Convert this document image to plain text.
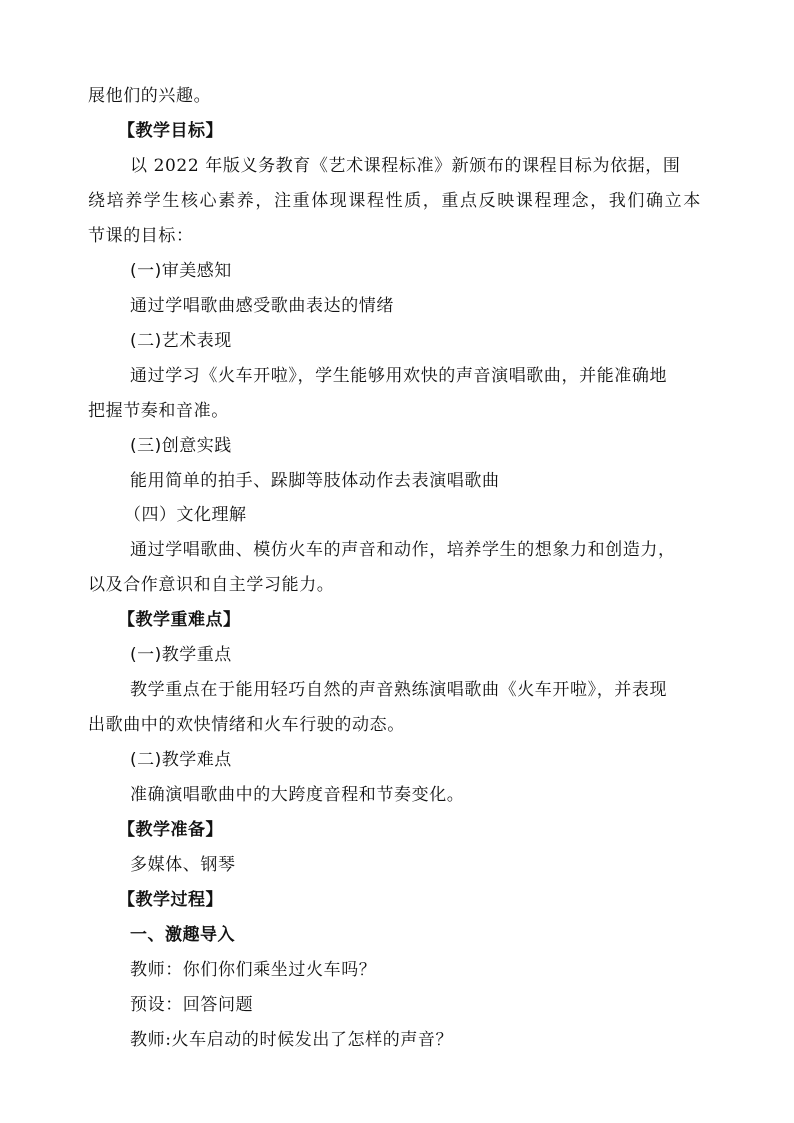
展他们的兴趣。
【教学目标】
以 2022 年版义务教育《艺术课程标准》新颁布的课程目标为依据，围
绕培养学生核心素养，注重体现课程性质，重点反映课程理念，我们确立本
节课的目标：
(一)审美感知
通过学唱歌曲感受歌曲表达的情绪
(二)艺术表现
通过学习《火车开啦》，学生能够用欢快的声音演唱歌曲，并能准确地
把握节奏和音准。
(三)创意实践
能用简单的拍手、跺脚等肢体动作去表演唱歌曲
（四）文化理解
通过学唱歌曲、模仿火车的声音和动作，培养学生的想象力和创造力，
以及合作意识和自主学习能力。
【教学重难点】
(一)教学重点
教学重点在于能用轻巧自然的声音熟练演唱歌曲《火车开啦》，并表现
出歌曲中的欢快情绪和火车行驶的动态。
(二)教学难点
准确演唱歌曲中的大跨度音程和节奏变化。
【教学准备】
多媒体、钢琴
【教学过程】
一、激趣导入
教师：你们你们乘坐过火车吗？
预设：回答问题
教师:火车启动的时候发出了怎样的声音？
